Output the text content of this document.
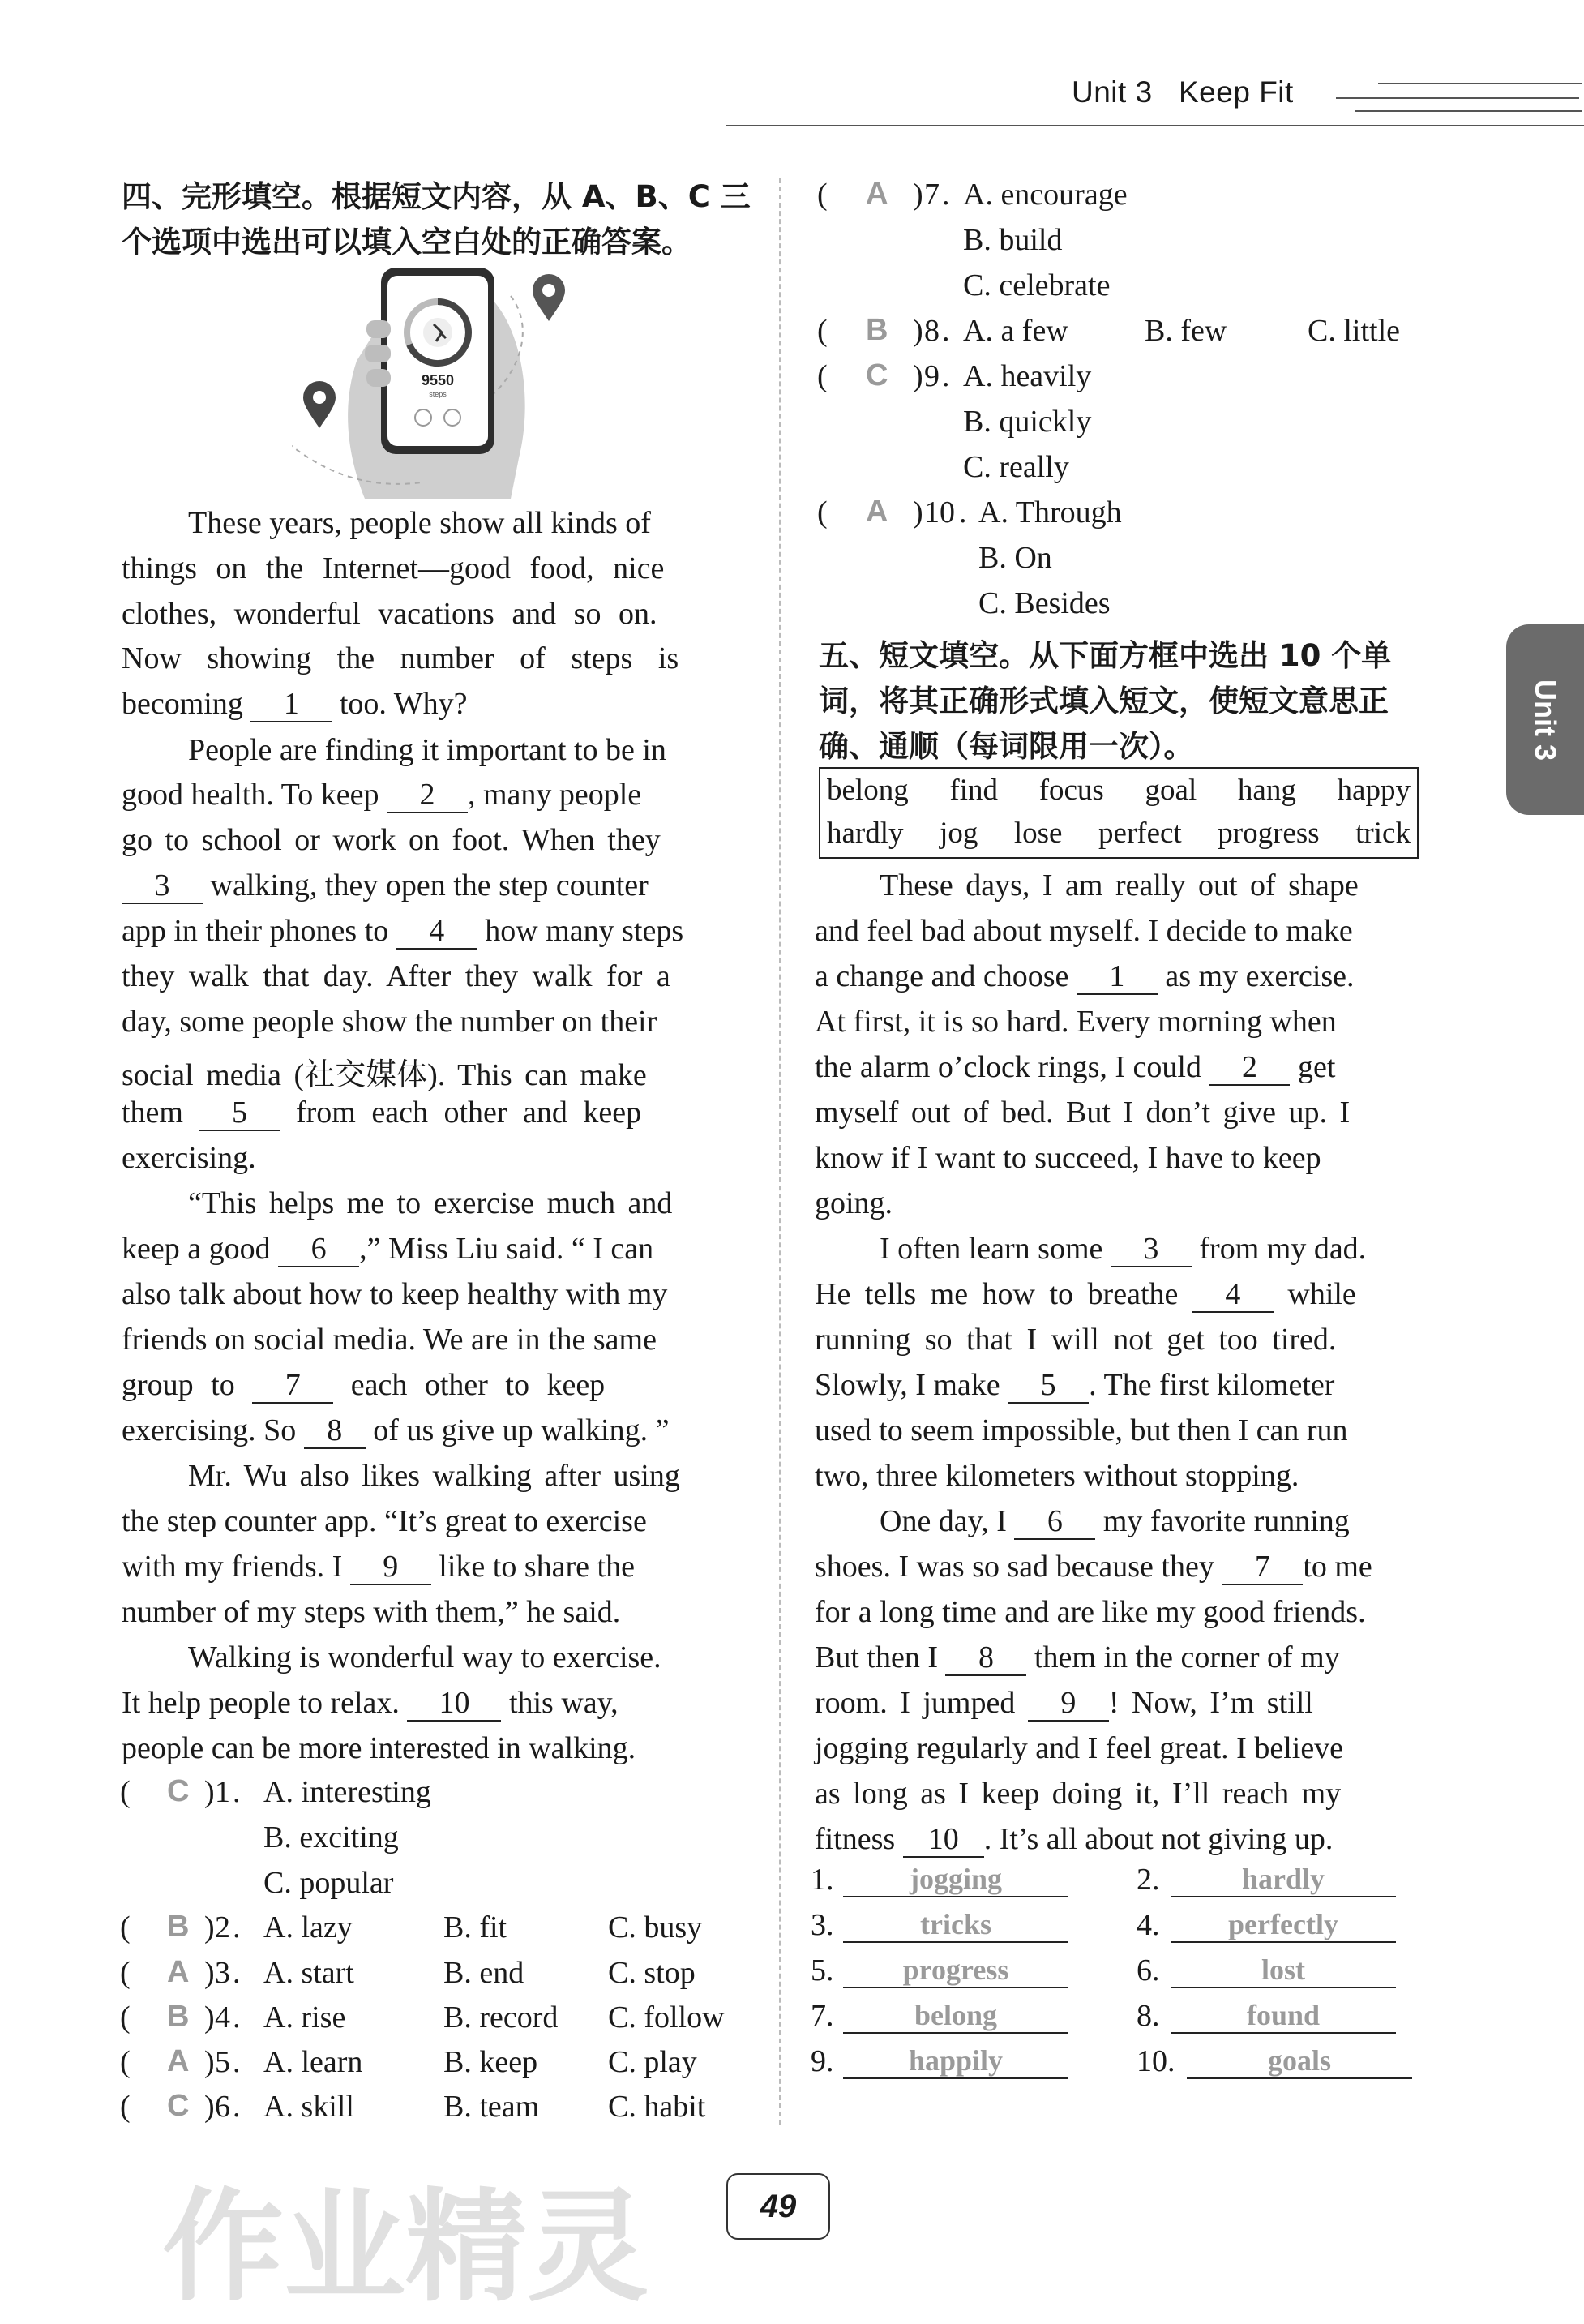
Unit 3 Keep Fit
Unit 3
四、完形填空。根据短文内容，从 A、B、C 三
个选项中选出可以填入空白处的正确答案。
9550
steps
These years, people show all kinds of
things on the Internet—good food, nice
clothes, wonderful vacations and so on.
Now showing the number of steps is
becoming 1 too. Why?
People are finding it important to be in
good health. To keep 2 , many people
go to school or work on foot. When they
3 walking, they open the step counter
app in their phones to 4 how many steps
they walk that day. After they walk for a
day, some people show the number on their
social media (社交媒体). This can make
them 5 from each other and keep
exercising.
“This helps me to exercise much and
keep a good 6 ,” Miss Liu said. “ I can
also talk about how to keep healthy with my
friends on social media. We are in the same
group to 7 each other to keep
exercising. So 8 of us give up walking. ”
Mr. Wu also likes walking after using
the step counter app. “It’s great to exercise
with my friends. I 9 like to share the
number of my steps with them,” he said.
Walking is wonderful way to exercise.
It help people to relax. 10 this way,
people can be more interested in walking.
( C ) 1 . A. interesting
B. exciting
C. popular
( B ) 2 . A. lazy	B. fit	C. busy
( A ) 3 . A. start	B. end	C. stop
( B ) 4 . A. rise	B. record C. follow
( A ) 5 . A. learn	B. keep C. play
( C ) 6 . A. skill	B. team C. habit
( A ) 7 . A. encourage
B. build
C. celebrate
( B ) 8 . A. a few B. few	C. little
( C ) 9 . A. heavily
B. quickly
C. really
( A ) 10 . A. Through
B. On
C. Besides
五、短文填空。从下面方框中选出 10 个单
词，将其正确形式填入短文，使短文意思正
确、通顺（每词限用一次）。
belong find focus goal hang happy
hardly jog lose perfect progress trick
These days, I am really out of shape
and feel bad about myself. I decide to make
a change and choose 1 as my exercise.
At first, it is so hard. Every morning when
the alarm o’clock rings, I could 2 get
myself out of bed. But I don’t give up. I
know if I want to succeed, I have to keep
going.
I often learn some 3 from my dad.
He tells me how to breathe 4 while
running so that I will not get too tired.
Slowly, I make 5 . The first kilometer
used to seem impossible, but then I can run
two, three kilometers without stopping.
One day, I 6 my favorite running
shoes. I was so sad because they 7 to me
for a long time and are like my good friends.
But then I 8 them in the corner of my
room. I jumped 9 ! Now, I’m still
jogging regularly and I feel great. I believe
as long as I keep doing it, I’ll reach my
fitness 10 . It’s all about not giving up.
1.	jogging	2.	hardly
3.	tricks	4.	perfectly
5.	progress	6.	lost
7.	belong	8.	found
9.	happily	10.	goals
作业精灵	49
